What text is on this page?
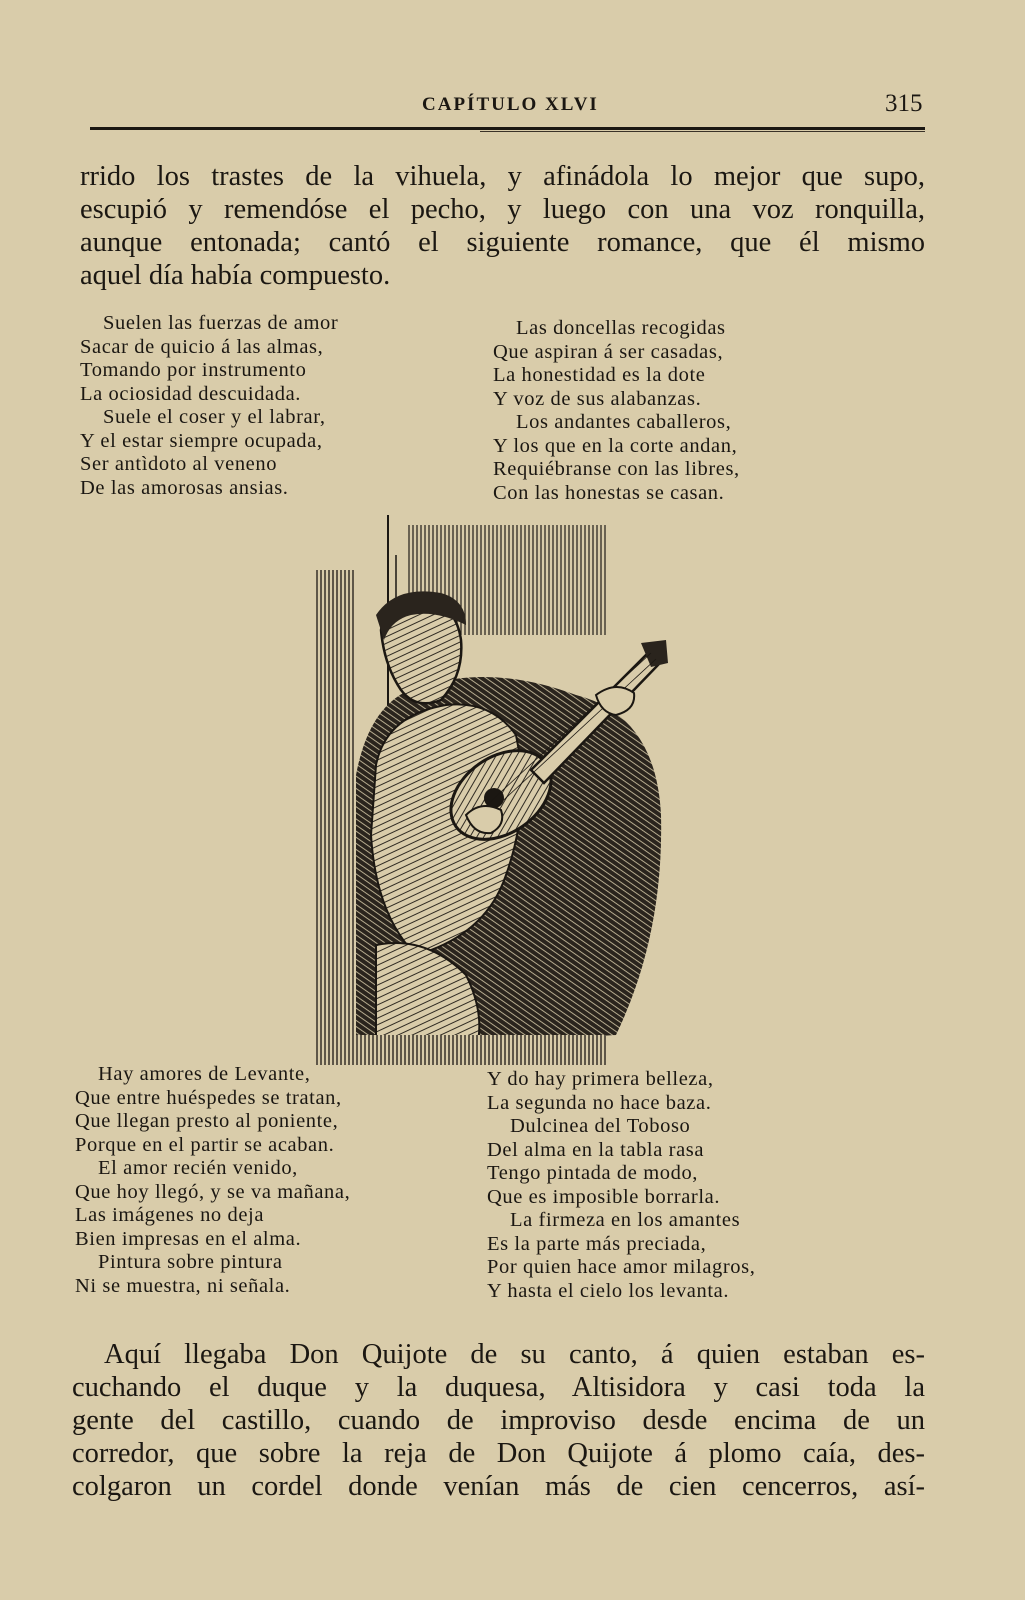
CAPÍTULO XLVI	315

rrido los trastes de la vihuela, y afinádola lo mejor que supo,
escupió y remendóse el pecho, y luego con una voz ronquilla,
aunque entonada; cantó el siguiente romance, que él mismo
aquel día había compuesto.

Suelen las fuerzas de amor
Sacar de quicio á las almas,
Tomando por instrumento
La ociosidad descuidada.
Suele el coser y el labrar,
Y el estar siempre ocupada,
Ser antìdoto al veneno
De las amorosas ansias.
Las doncellas recogidas
Que aspiran á ser casadas,
La honestidad es la dote
Y voz de sus alabanzas.
Los andantes caballeros,
Y los que en la corte andan,
Requiébranse con las libres,
Con las honestas se casan.
Hay amores de Levante,
Que entre huéspedes se tratan,
Que llegan presto al poniente,
Porque en el partir se acaban.
El amor recién venido,
Que hoy llegó, y se va mañana,
Las imágenes no deja
Bien impresas en el alma.
Pintura sobre pintura
Ni se muestra, ni señala.
Y do hay primera belleza,
La segunda no hace baza.
Dulcinea del Toboso
Del alma en la tabla rasa
Tengo pintada de modo,
Que es imposible borrarla.
La firmeza en los amantes
Es la parte más preciada,
Por quien hace amor milagros,
Y hasta el cielo los levanta.

Aquí llegaba Don Quijote de su canto, á quien estaban es-
cuchando el duque y la duquesa, Altisidora y casi toda la
gente del castillo, cuando de improviso desde encima de un
corredor, que sobre la reja de Don Quijote á plomo caía, des-
colgaron un cordel donde venían más de cien cencerros, así-
